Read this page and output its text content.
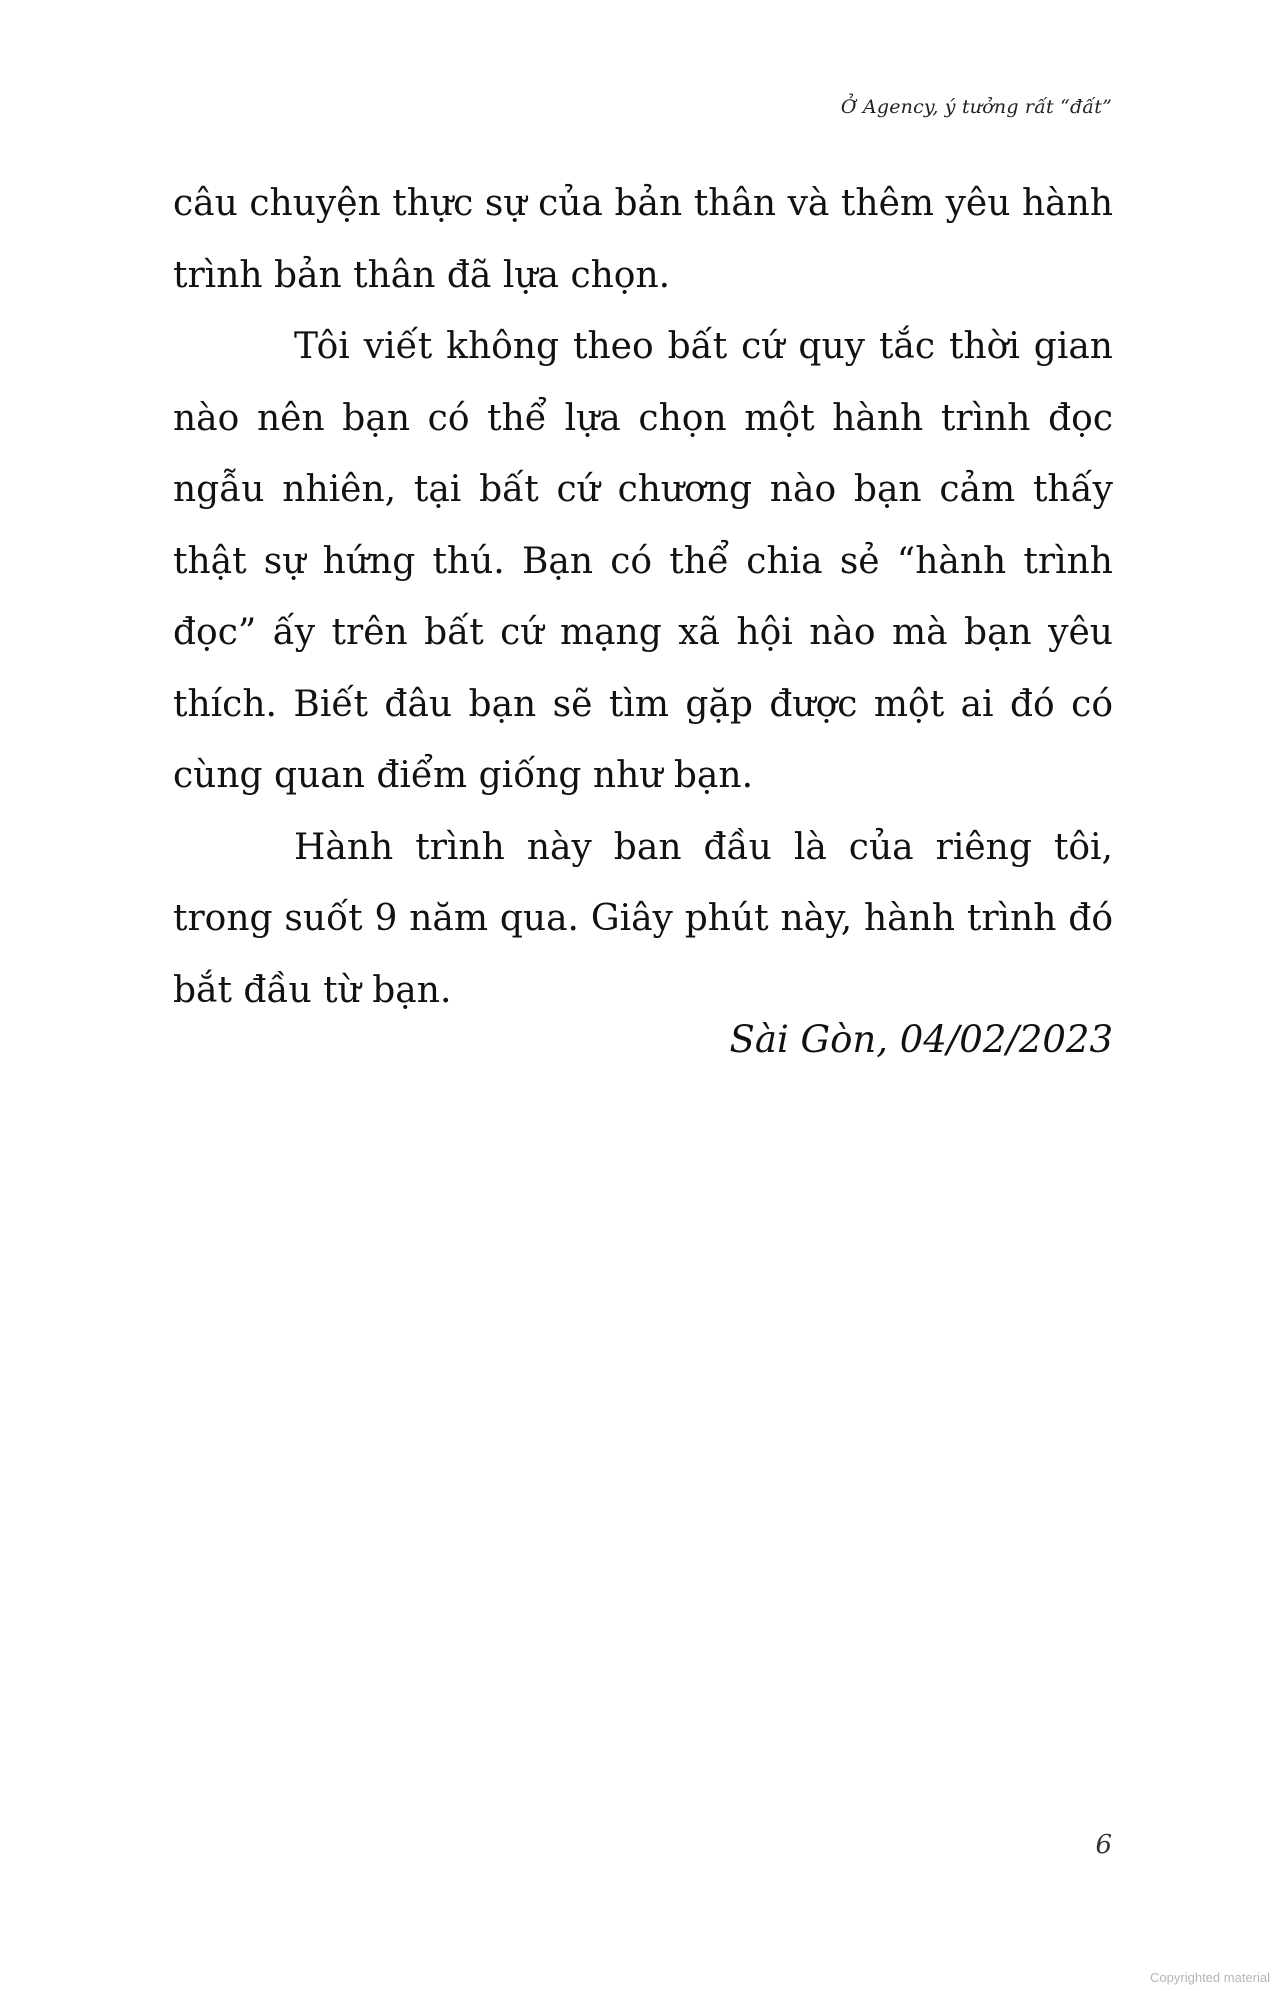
Ở Agency, ý tưởng rất “đất”

câu chuyện thực sự của bản thân và thêm yêu hành trình bản thân đã lựa chọn.

Tôi viết không theo bất cứ quy tắc thời gian nào nên bạn có thể lựa chọn một hành trình đọc ngẫu nhiên, tại bất cứ chương nào bạn cảm thấy thật sự hứng thú. Bạn có thể chia sẻ “hành trình đọc” ấy trên bất cứ mạng xã hội nào mà bạn yêu thích. Biết đâu bạn sẽ tìm gặp được một ai đó có cùng quan điểm giống như bạn.

Hành trình này ban đầu là của riêng tôi, trong suốt 9 năm qua. Giây phút này, hành trình đó bắt đầu từ bạn.

Sài Gòn, 04/02/2023
6
Copyrighted material
